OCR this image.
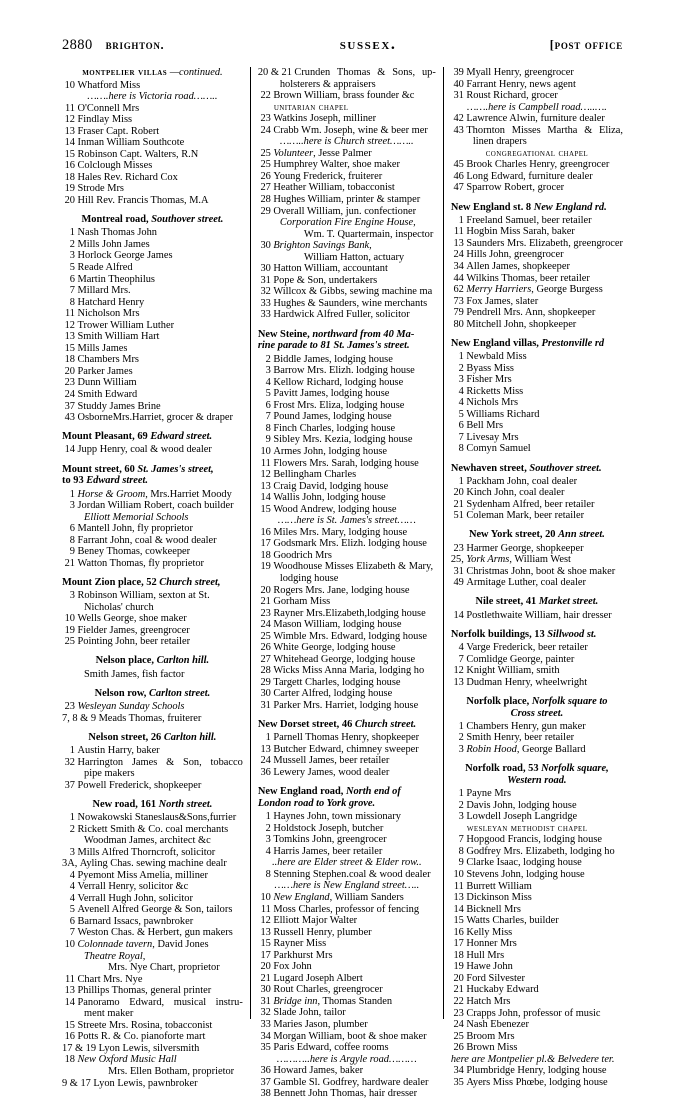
2880 brighton.	sussex.	[post office
montpelier villas —continued.
10 Whatford Miss
…….here is Victoria road……..
11 O'Connell Mrs
12 Findlay Miss
13 Fraser Capt. Robert
14 Inman William Southcote
15 Robinson Capt. Walters, R.N
16 Colclough Misses
18 Hales Rev. Richard Cox
19 Strode Mrs
20 Hill Rev. Francis Thomas, M.A
Montreal road, Southover street.
1 Nash Thomas John
2 Mills John James
3 Horlock George James
5 Reade Alfred
6 Martin Theophilus
7 Millard Mrs.
8 Hatchard Henry
11 Nicholson Mrs
12 Trower William Luther
13 Smith William Hart
15 Mills James
18 Chambers Mrs
20 Parker James
23 Dunn William
24 Smith Edward
37 Studdy James Brine
43 OsborneMrs.Harriet, grocer & draper
Mount Pleasant, 69 Edward street.
14 Jupp Henry, coal & wood dealer
Mount street, 60 St. James's street,
to 93 Edward street.
1 Horse & Groom, Mrs.Harriet Moody
3 Jordan William Robert, coach builder
Elliott Memorial Schools
6 Mantell John, fly proprietor
8 Farrant John, coal & wood dealer
9 Beney Thomas, cowkeeper
21 Watton Thomas, fly proprietor
Mount Zion place, 52 Church street,
3 Robinson William, sexton at St.
Nicholas' church
10 Wells George, shoe maker
19 Fielder James, greengrocer
25 Pointing John, beer retailer
Nelson place, Carlton hill.
Smith James, fish factor
Nelson row, Carlton street.
23 Wesleyan Sunday Schools
7, 8 & 9 Meads Thomas, fruiterer
Nelson street, 26 Carlton hill.
1 Austin Harry, baker
32 Harrington James & Son, tobacco
pipe makers
37 Powell Frederick, shopkeeper
New road, 161 North street.
1 Nowakowski Staneslaus&Sons,furrier
2 Rickett Smith & Co. coal merchants
Woodman James, architect &c
3 Mills Alfred Thorncroft, solicitor
3A, Ayling Chas. sewing machine dealr
4 Pyemont Miss Amelia, milliner
4 Verrall Henry, solicitor &c
4 Verrall Hugh John, solicitor
5 Avenell Alfred George & Son, tailors
6 Barnard Issacs, pawnbroker
7 Weston Chas. & Herbert, gun makers
10 Colonnade tavern, David Jones
Theatre Royal,
Mrs. Nye Chart, proprietor
11 Chart Mrs. Nye
13 Phillips Thomas, general printer
14 Panoramo Edward, musical instru-
ment maker
15 Streete Mrs. Rosina, tobacconist
16 Potts R. & Co. pianoforte mart
17 & 19 Lyon Lewis, silversmith
18 New Oxford Music Hall
Mrs. Ellen Botham, proprietor
9 & 17 Lyon Lewis, pawnbroker
20 & 21 Crunden Thomas & Sons, up-
holsterers & appraisers
22 Brown William, brass founder &c
unitarian chapel
23 Watkins Joseph, milliner
24 Crabb Wm. Joseph, wine & beer mer
……..here is Church street……..
25 Volunteer, Jesse Palmer
25 Humphrey Walter, shoe maker
26 Young Frederick, fruiterer
27 Heather William, tobacconist
28 Hughes William, printer & stamper
29 Overall William, jun. confectioner
Corporation Fire Engine House,
Wm. T. Quartermain, inspector
30 Brighton Savings Bank,
William Hatton, actuary
30 Hatton William, accountant
31 Pope & Son, undertakers
32 Willcox & Gibbs, sewing machine ma
33 Hughes & Saunders, wine merchants
33 Hardwick Alfred Fuller, solicitor
New Steine, northward from 40 Ma-
rine parade to 81 St. James's street.
2 Biddle James, lodging house
3 Barrow Mrs. Elizh. lodging house
4 Kellow Richard, lodging house
5 Pavitt James, lodging house
6 Frost Mrs. Eliza, lodging house
7 Pound James, lodging house
8 Finch Charles, lodging house
9 Sibley Mrs. Kezia, lodging house
10 Armes John, lodging house
11 Flowers Mrs. Sarah, lodging house
12 Bellingham Charles
13 Craig David, lodging house
14 Wallis John, lodging house
15 Wood Andrew, lodging house
……here is St. James's street……
16 Miles Mrs. Mary, lodging house
17 Godsmark Mrs. Elizh. lodging house
18 Goodrich Mrs
19 Woodhouse Misses Elizabeth & Mary,
lodging house
20 Rogers Mrs. Jane, lodging house
21 Gorham Miss
23 Rayner Mrs.Elizabeth,lodging house
24 Mason William, lodging house
25 Wimble Mrs. Edward, lodging house
26 White George, lodging house
27 Whitehead George, lodging house
28 Wicks Miss Anna Maria, lodging ho
29 Targett Charles, lodging house
30 Carter Alfred, lodging house
31 Parker Mrs. Harriet, lodging house
New Dorset street, 46 Church street.
1 Parnell Thomas Henry, shopkeeper
13 Butcher Edward, chimney sweeper
24 Mussell James, beer retailer
36 Lewery James, wood dealer
New England road, North end of
London road to York grove.
1 Haynes John, town missionary
2 Holdstock Joseph, butcher
3 Tomkins John, greengrocer
4 Harris James, beer retailer
..here are Elder street & Elder row..
8 Stenning Stephen.coal & wood dealer
……here is New England street…..
10 New England, William Sanders
11 Moss Charles, professor of fencing
12 Elliott Major Walter
13 Russell Henry, plumber
15 Rayner Miss
17 Parkhurst Mrs
20 Fox John
21 Lugard Joseph Albert
30 Rout Charles, greengrocer
31 Bridge inn, Thomas Standen
32 Slade John, tailor
33 Maries Jason, plumber
34 Morgan William, boot & shoe maker
35 Paris Edward, coffee rooms
………..here is Argyle road………
36 Howard James, baker
37 Gamble Sl. Godfrey, hardware dealer
38 Bennett John Thomas, hair dresser
39 Myall Henry, greengrocer
40 Farrant Henry, news agent
31 Roust Richard, grocer
…….here is Campbell road…..….
42 Lawrence Alwin, furniture dealer
43 Thornton Misses Martha & Eliza,
linen drapers
congregational chapel
45 Brook Charles Henry, greengrocer
46 Long Edward, furniture dealer
47 Sparrow Robert, grocer
New England st. 8 New England rd.
1 Freeland Samuel, beer retailer
11 Hogbin Miss Sarah, baker
13 Saunders Mrs. Elizabeth, greengrocer
24 Hills John, greengrocer
34 Allen James, shopkeeper
44 Wilkins Thomas, beer retailer
62 Merry Harriers, George Burgess
73 Fox James, slater
79 Pendrell Mrs. Ann, shopkeeper
80 Mitchell John, shopkeeper
New England villas, Prestonville rd
1 Newbald Miss
2 Byass Miss
3 Fisher Mrs
4 Ricketts Miss
4 Nichols Mrs
5 Williams Richard
6 Bell Mrs
7 Livesay Mrs
8 Comyn Samuel
Newhaven street, Southover street.
1 Packham John, coal dealer
20 Kinch John, coal dealer
21 Sydenham Alfred, beer retailer
51 Coleman Mark, beer retailer
New York street, 20 Ann street.
23 Harmer George, shopkeeper
25, York Arms, William West
31 Christmas John, boot & shoe maker
49 Armitage Luther, coal dealer
Nile street, 41 Market street.
14 Postlethwaite William, hair dresser
Norfolk buildings, 13 Sillwood st.
4 Varge Frederick, beer retailer
7 Comlidge George, painter
12 Knight William, smith
13 Dudman Henry, wheelwright
Norfolk place, Norfolk square to
Cross street.
1 Chambers Henry, gun maker
2 Smith Henry, beer retailer
3 Robin Hood, George Ballard
Norfolk road, 53 Norfolk square,
Western road.
1 Payne Mrs
2 Davis John, lodging house
3 Lowdell Joseph Langridge
wesleyan methodist chapel
7 Hopgood Francis, lodging house
8 Godfrey Mrs. Elizabeth, lodging ho
9 Clarke Isaac, lodging house
10 Stevens John, lodging house
11 Burrett William
13 Dickinson Miss
14 Bicknell Mrs
15 Watts Charles, builder
16 Kelly Miss
17 Honner Mrs
18 Hull Mrs
19 Hawe John
20 Ford Silvester
21 Huckaby Edward
22 Hatch Mrs
23 Crapps John, professor of music
24 Nash Ebenezer
25 Broom Mrs
26 Brown Miss
here are Montpelier pl.& Belvedere ter.
34 Plumbridge Henry, lodging house
35 Ayers Miss Phœbe, lodging house
